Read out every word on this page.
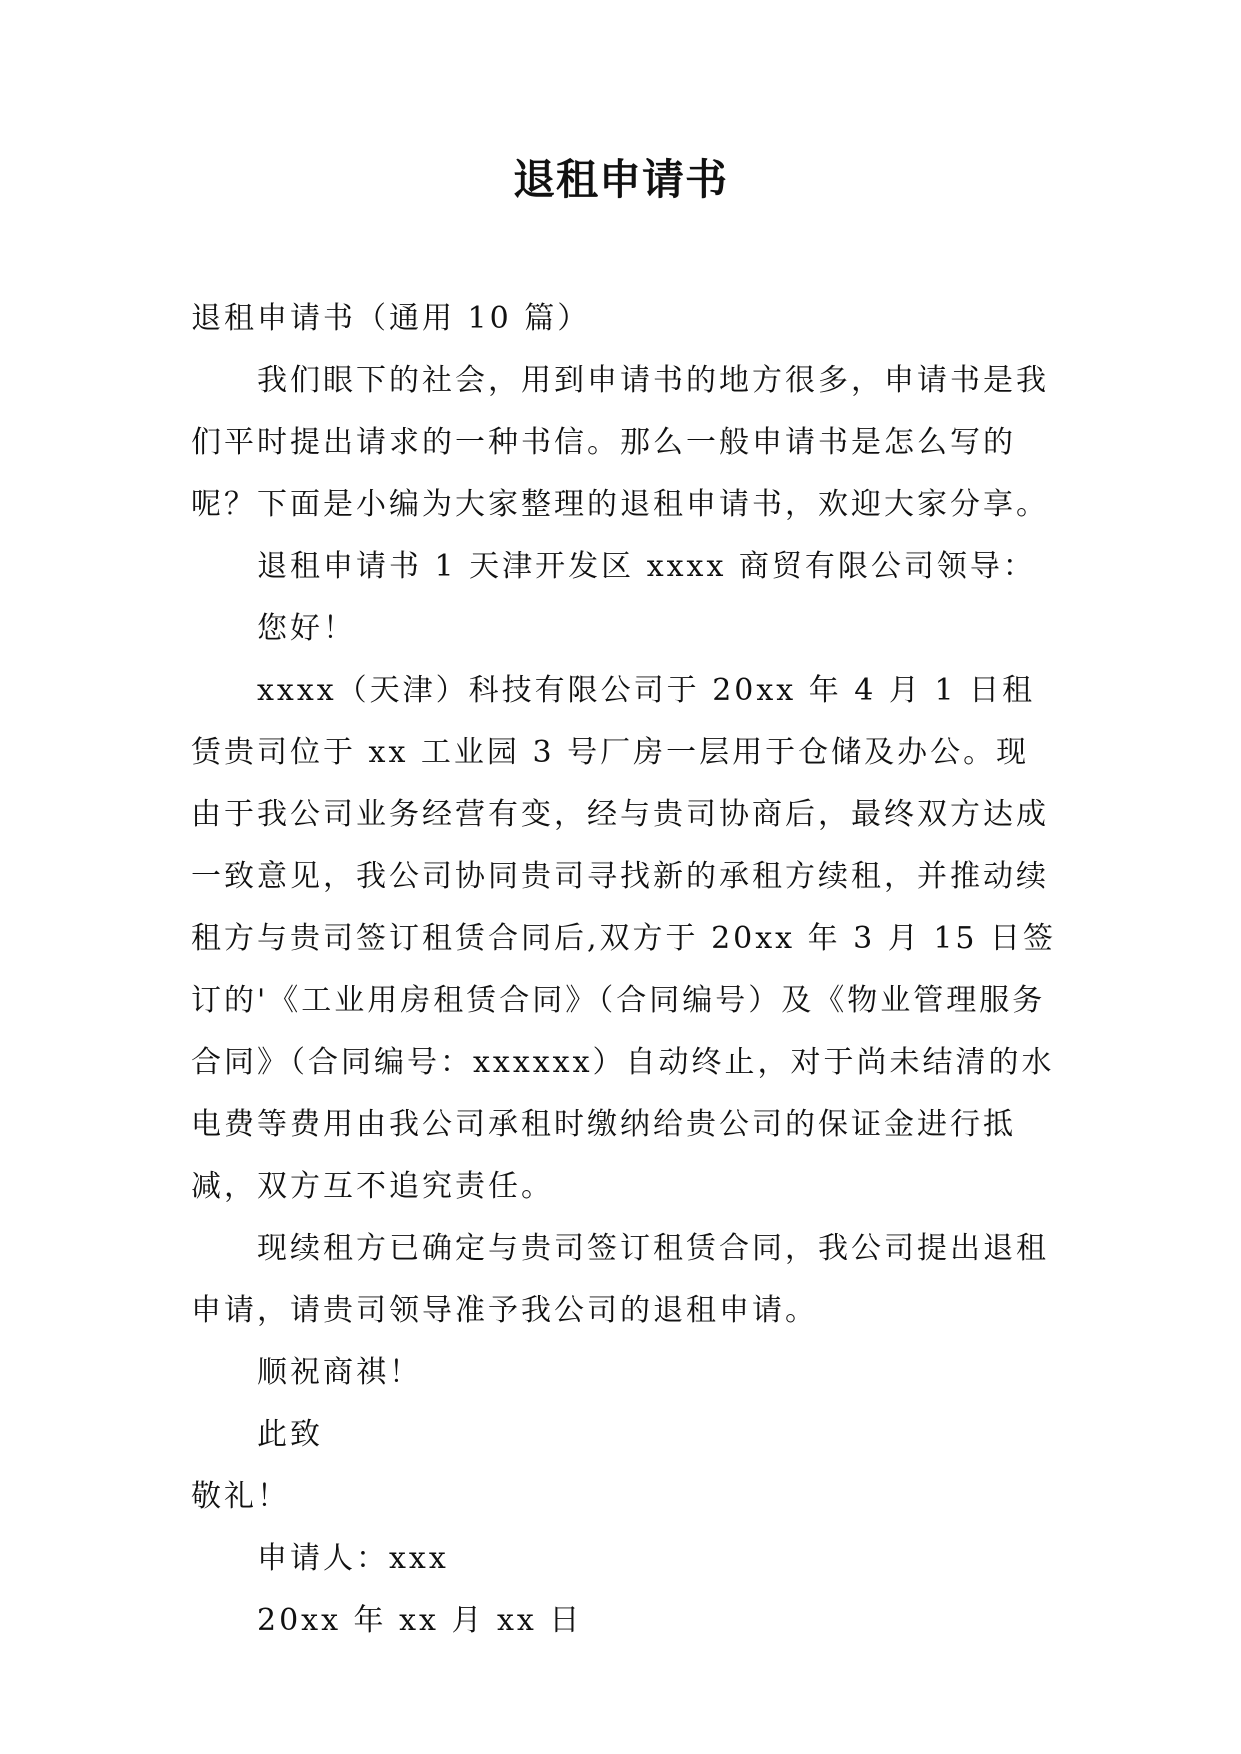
退租申请书

退租申请书（通用 10 篇）

我们眼下的社会，用到申请书的地方很多，申请书是我们平时提出请求的一种书信。那么一般申请书是怎么写的呢？下面是小编为大家整理的退租申请书，欢迎大家分享。

退租申请书 1 天津开发区 xxxx 商贸有限公司领导：

您好！

xxxx（天津）科技有限公司于 20xx 年 4 月 1 日租赁贵司位于 xx 工业园 3 号厂房一层用于仓储及办公。现由于我公司业务经营有变，经与贵司协商后，最终双方达成一致意见，我公司协同贵司寻找新的承租方续租，并推动续租方与贵司签订租赁合同后,双方于 20xx 年 3 月 15 日签订的'《工业用房租赁合同》（合同编号）及《物业管理服务合同》（合同编号：xxxxxx）自动终止，对于尚未结清的水电费等费用由我公司承租时缴纳给贵公司的保证金进行抵减，双方互不追究责任。

现续租方已确定与贵司签订租赁合同，我公司提出退租申请，请贵司领导准予我公司的退租申请。

顺祝商祺！

此致

敬礼！

申请人：xxx

20xx 年 xx 月 xx 日
